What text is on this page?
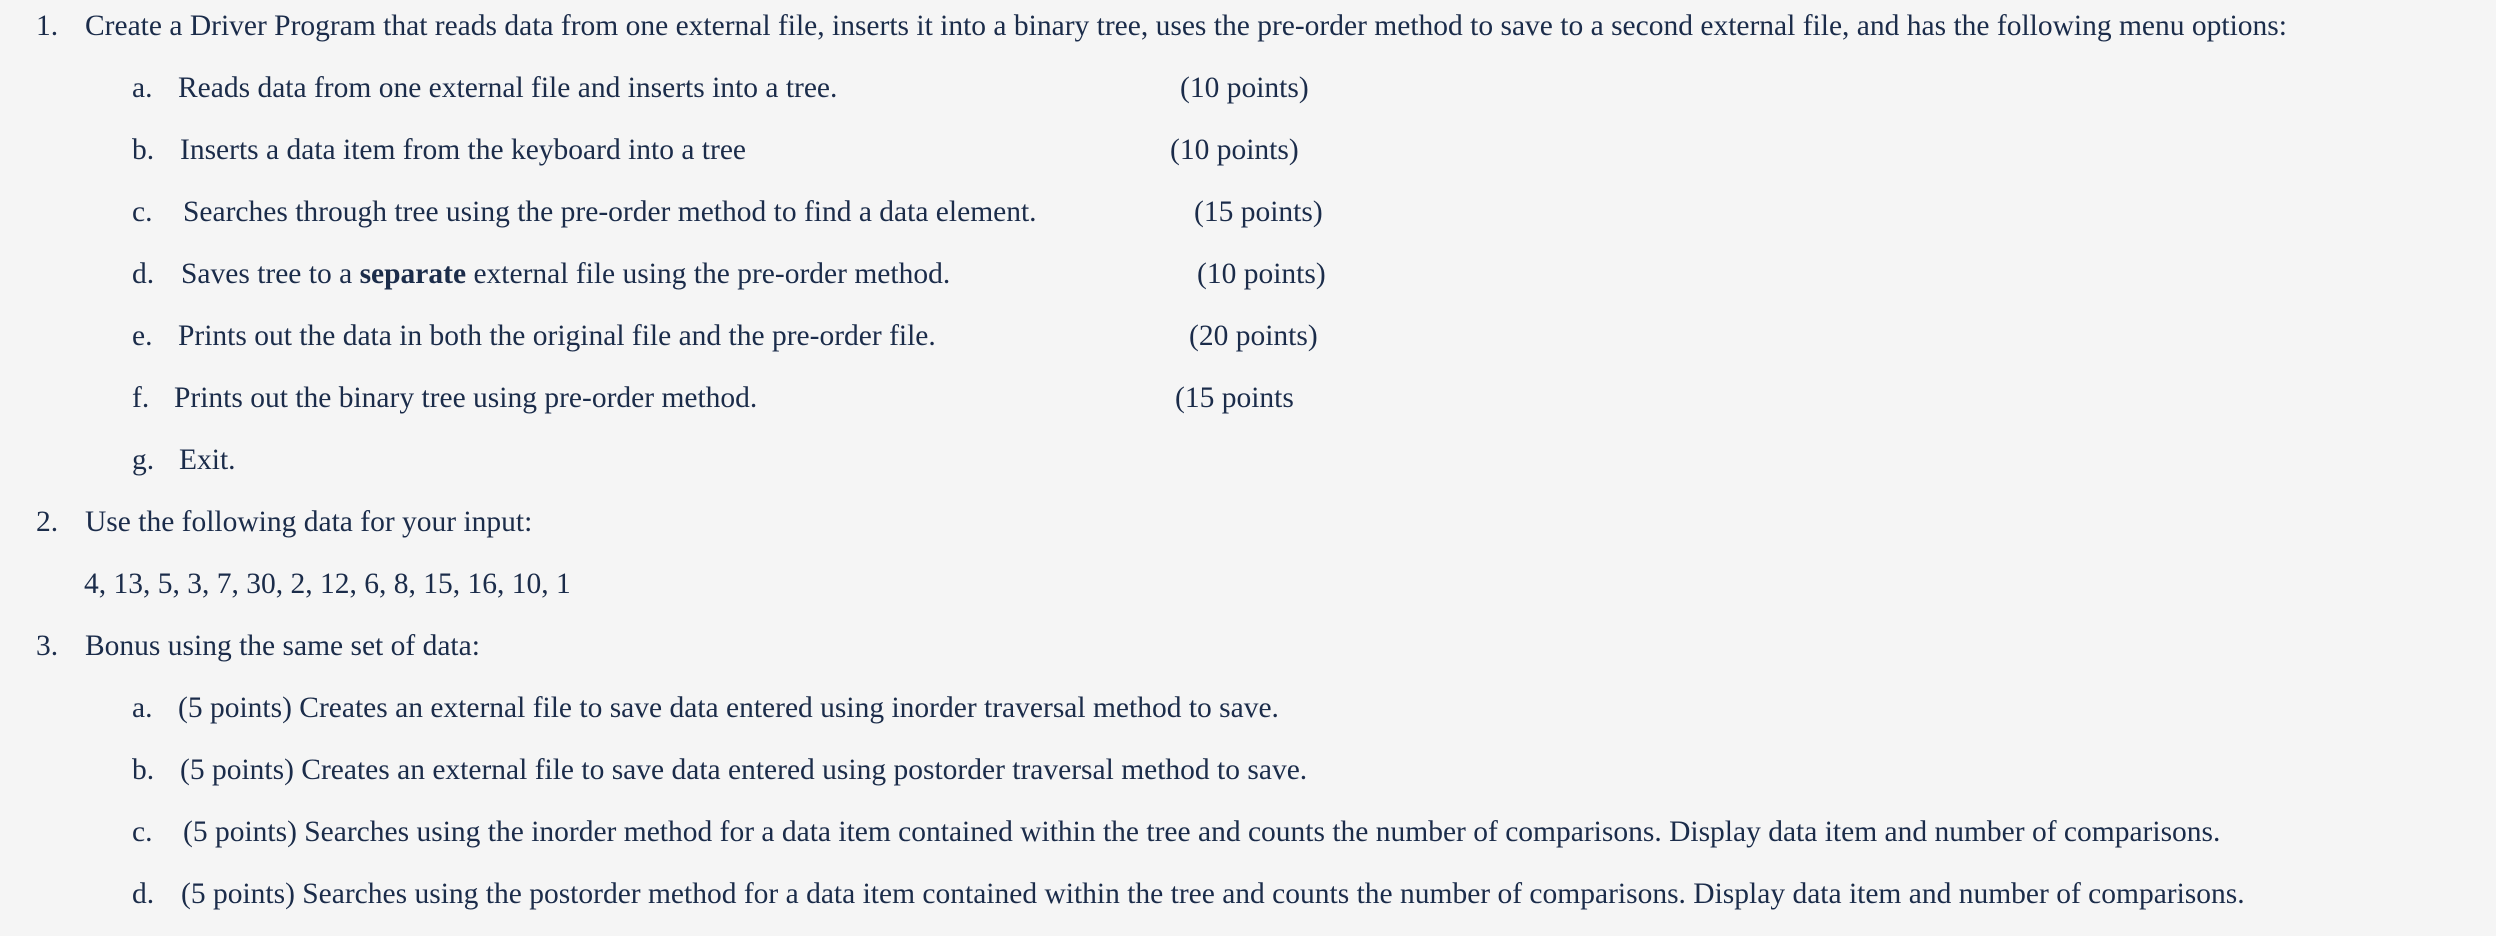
1. Create a Driver Program that reads data from one external file, inserts it into a binary tree, uses the pre-order method to save to a second external file, and has the following menu options:
a. Reads data from one external file and inserts into a tree.	(10 points)
b. Inserts a data item from the keyboard into a tree	(10 points)
c. Searches through tree using the pre-order method to find a data element.	(15 points)
d. Saves tree to a separate external file using the pre-order method.	(10 points)
e. Prints out the data in both the original file and the pre-order file.	(20 points)
f. Prints out the binary tree using pre-order method.	(15 points
g. Exit.
2. Use the following data for your input:
4, 13, 5, 3, 7, 30, 2, 12, 6, 8, 15, 16, 10, 1
3. Bonus using the same set of data:
a. (5 points) Creates an external file to save data entered using inorder traversal method to save.
b. (5 points) Creates an external file to save data entered using postorder traversal method to save.
c. (5 points) Searches using the inorder method for a data item contained within the tree and counts the number of comparisons. Display data item and number of comparisons.
d. (5 points) Searches using the postorder method for a data item contained within the tree and counts the number of comparisons. Display data item and number of comparisons.
